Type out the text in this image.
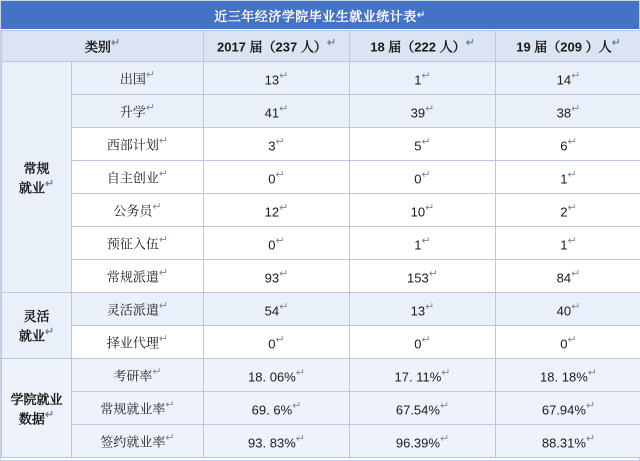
近三年经济学院毕业生就业统计表 ↵
类别↵		2017 届（237 人）↵	18 届（222 人）↵	19 届（209 ）人↵

常规
就业↵	出国↵	13↵	1↵	14↵
	升学↵	41↵	39↵	38↵
	西部计划↵	3↵	5↵	6↵
	自主创业↵	0↵	0↵	1↵
	公务员↵	12↵	10↵	2↵
	预征入伍↵	0↵	1↵	1↵
	常规派遣↵	93↵	153↵	84↵

灵活
就业↵	灵活派遣↵	54↵	13↵	40↵
	择业代理↵	0↵	0↵	0↵

学院就业
数据↵	考研率↵	18. 06%↵	17. 11%↵	18. 18%↵
	常规就业率↵	69. 6%↵	67.54%↵	67.94%↵
	签约就业率↵	93. 83%↵	96.39%↵	88.31%↵
